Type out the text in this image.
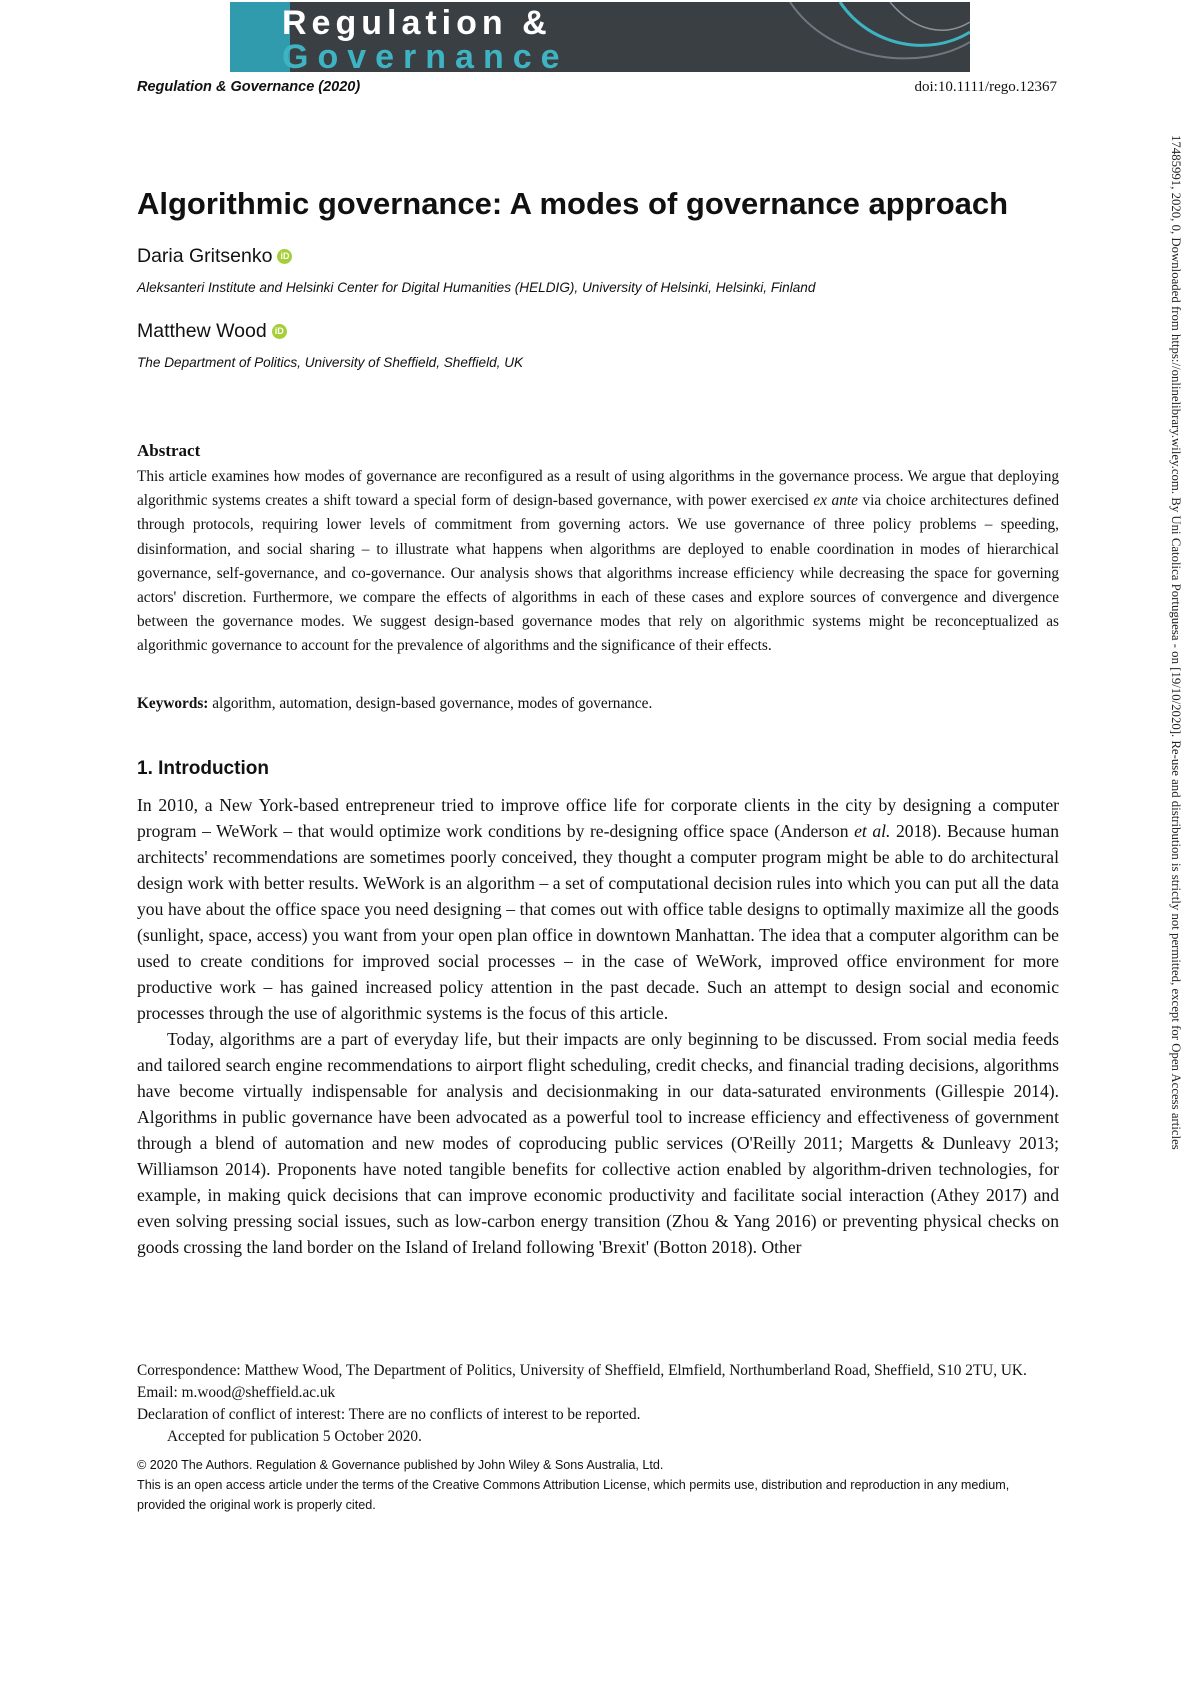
Regulation &
Governance
Regulation & Governance (2020)	doi:10.1111/rego.12367
17485991, 2020, 0, Downloaded from https://onlinelibrary.wiley.com. By Uni Catolica Portuguesa - on [19/10/2020]. Re-use and distribution is strictly not permitted, except for Open Access articles
Algorithmic governance: A modes of governance approach
Daria Gritsenko iD
Aleksanteri Institute and Helsinki Center for Digital Humanities (HELDIG), University of Helsinki, Helsinki, Finland
Matthew Wood iD
The Department of Politics, University of Sheffield, Sheffield, UK
Abstract
This article examines how modes of governance are reconfigured as a result of using algorithms in the governance process. We argue that deploying algorithmic systems creates a shift toward a special form of design-based governance, with power exercised ex ante via choice architectures defined through protocols, requiring lower levels of commitment from governing actors. We use governance of three policy problems – speeding, disinformation, and social sharing – to illustrate what happens when algorithms are deployed to enable coordination in modes of hierarchical governance, self-governance, and co-governance. Our analysis shows that algorithms increase efficiency while decreasing the space for governing actors' discretion. Furthermore, we compare the effects of algorithms in each of these cases and explore sources of convergence and divergence between the governance modes. We suggest design-based governance modes that rely on algorithmic systems might be reconceptualized as algorithmic governance to account for the prevalence of algorithms and the significance of their effects.
Keywords: algorithm, automation, design-based governance, modes of governance.
1. Introduction

In 2010, a New York-based entrepreneur tried to improve office life for corporate clients in the city by designing a computer program – WeWork – that would optimize work conditions by re-designing office space (Anderson et al. 2018). Because human architects' recommendations are sometimes poorly conceived, they thought a computer program might be able to do architectural design work with better results. WeWork is an algorithm – a set of computational decision rules into which you can put all the data you have about the office space you need designing – that comes out with office table designs to optimally maximize all the goods (sunlight, space, access) you want from your open plan office in downtown Manhattan. The idea that a computer algorithm can be used to create conditions for improved social processes – in the case of WeWork, improved office environment for more productive work – has gained increased policy attention in the past decade. Such an attempt to design social and economic processes through the use of algorithmic systems is the focus of this article.

Today, algorithms are a part of everyday life, but their impacts are only beginning to be discussed. From social media feeds and tailored search engine recommendations to airport flight scheduling, credit checks, and financial trading decisions, algorithms have become virtually indispensable for analysis and decisionmaking in our data-saturated environments (Gillespie 2014). Algorithms in public governance have been advocated as a powerful tool to increase efficiency and effectiveness of government through a blend of automation and new modes of coproducing public services (O'Reilly 2011; Margetts & Dunleavy 2013; Williamson 2014). Proponents have noted tangible benefits for collective action enabled by algorithm-driven technologies, for example, in making quick decisions that can improve economic productivity and facilitate social interaction (Athey 2017) and even solving pressing social issues, such as low-carbon energy transition (Zhou & Yang 2016) or preventing physical checks on goods crossing the land border on the Island of Ireland following 'Brexit' (Botton 2018). Other

Correspondence: Matthew Wood, The Department of Politics, University of Sheffield, Elmfield, Northumberland Road, Sheffield, S10 2TU, UK. Email: m.wood@sheffield.ac.uk

Declaration of conflict of interest: There are no conflicts of interest to be reported.

Accepted for publication 5 October 2020.

© 2020 The Authors. Regulation & Governance published by John Wiley & Sons Australia, Ltd.

This is an open access article under the terms of the Creative Commons Attribution License, which permits use, distribution and reproduction in any medium, provided the original work is properly cited.
